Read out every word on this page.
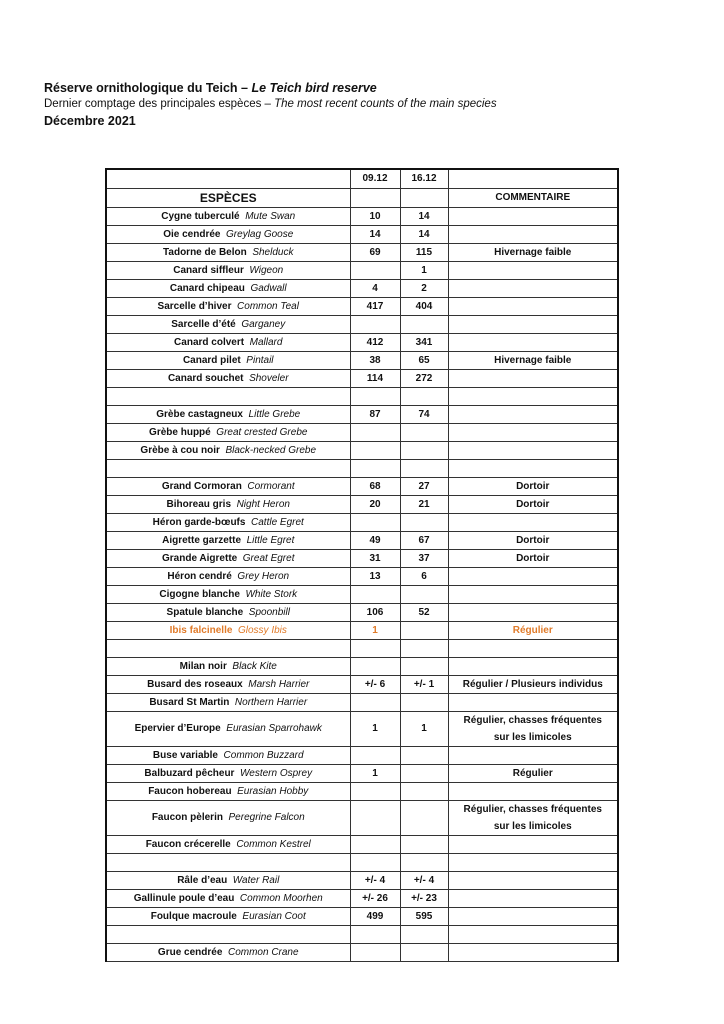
Réserve ornithologique du Teich – Le Teich bird reserve
Dernier comptage des principales espèces – The most recent counts of the main species
Décembre 2021
	09.12	16.12	
ESPÈCES			COMMENTAIRE
Cygne tuberculé Mute Swan	10	14	
Oie cendrée Greylag Goose	14	14	
Tadorne de Belon Shelduck	69	115	Hivernage faible
Canard siffleur Wigeon		1	
Canard chipeau Gadwall	4	2	
Sarcelle d’hiver Common Teal	417	404	
Sarcelle d’été Garganey			
Canard colvert Mallard	412	341	
Canard pilet Pintail	38	65	Hivernage faible
Canard souchet Shoveler	114	272	

Grèbe castagneux Little Grebe	87	74	
Grèbe huppé Great crested Grebe			
Grèbe à cou noir Black-necked Grebe			

Grand Cormoran Cormorant	68	27	Dortoir
Bihoreau gris Night Heron	20	21	Dortoir
Héron garde-bœufs Cattle Egret			
Aigrette garzette Little Egret	49	67	Dortoir
Grande Aigrette Great Egret	31	37	Dortoir
Héron cendré Grey Heron	13	6	
Cigogne blanche White Stork			
Spatule blanche Spoonbill	106	52	
Ibis falcinelle Glossy Ibis	1		Régulier

Milan noir Black Kite			
Busard des roseaux Marsh Harrier	+/- 6	+/- 1	Régulier / Plusieurs individus
Busard St Martin Northern Harrier			
Epervier d’Europe Eurasian Sparrohawk	1	1	Régulier, chasses fréquentes
sur les limicoles

Buse variable Common Buzzard			
Balbuzard pêcheur Western Osprey	1		Régulier
Faucon hobereau Eurasian Hobby			
Faucon pèlerin Peregrine Falcon			Régulier, chasses fréquentes
sur les limicoles

Faucon crécerelle Common Kestrel			

Râle d’eau Water Rail	+/- 4	+/- 4	
Gallinule poule d’eau Common Moorhen	+/- 26	+/- 23	
Foulque macroule Eurasian Coot	499	595	

Grue cendrée Common Crane			
